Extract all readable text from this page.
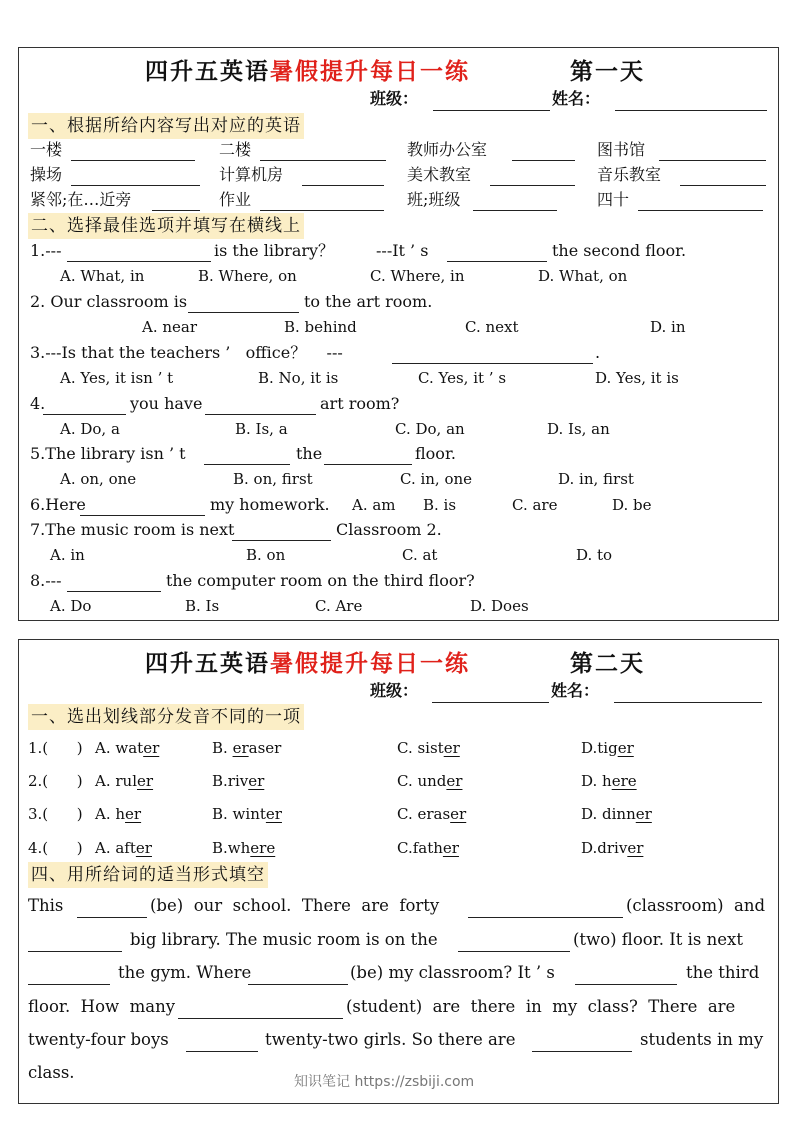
四升五英语暑假提升每日一练	第一天
班级：	姓名：
一、根据所给内容写出对应的英语
一楼	二楼	教师办公室	图书馆
操场	计算机房	美术教室	音乐教室
紧邻;在…近旁	作业	班;班级	四十
二、选择最佳选项并填写在横线上
1.---	is the library？	---It ’ s	the second floor.
A. What, in	B. Where, on	C. Where, in	D. What, on
2. Our classroom is	to the art room.
A. near	B. behind	C. next	D. in
3.---Is that the teachers ’   office？    ---	.
A. Yes, it isn ’ t	B. No, it is	C. Yes, it ’ s	D. Yes, it is
4.	you have	art room?
A. Do, a	B. Is, a	C. Do, an	D. Is, an
5.The library isn ’ t	the	floor.
A. on, one	B. on, first	C. in, one	D. in, first
6.Here	my homework. A. am B. is	C. are	D. be
7.The music room is next	Classroom 2.
A. in	B. on	C. at	D. to
8.---	the computer room on the third floor?
A. Do	B. Is	C. Are	D. Does
四升五英语暑假提升每日一练	第二天
班级：	姓名：
一、选出划线部分发音不同的一项
1.(      ) A. water	B. eraser	C. sister	D.tiger
2.(      ) A. ruler	B.river	C. under	D. here
3.(      ) A. her	B. winter	C. eraser	D. dinner
4.(      ) A. after	B.where	C.father	D.driver
四、用所给词的适当形式填空
This	(be)  our  school.  There  are  forty	(classroom)  and
big library. The music room is on the	(two) floor. It is next
the gym. Where	(be) my classroom? It ’ s	the third
floor.  How  many	(student)  are  there  in  my  class?  There  are
twenty-four boys	twenty-two girls. So there are	students in my
class.	知识笔记 https://zsbiji.com
